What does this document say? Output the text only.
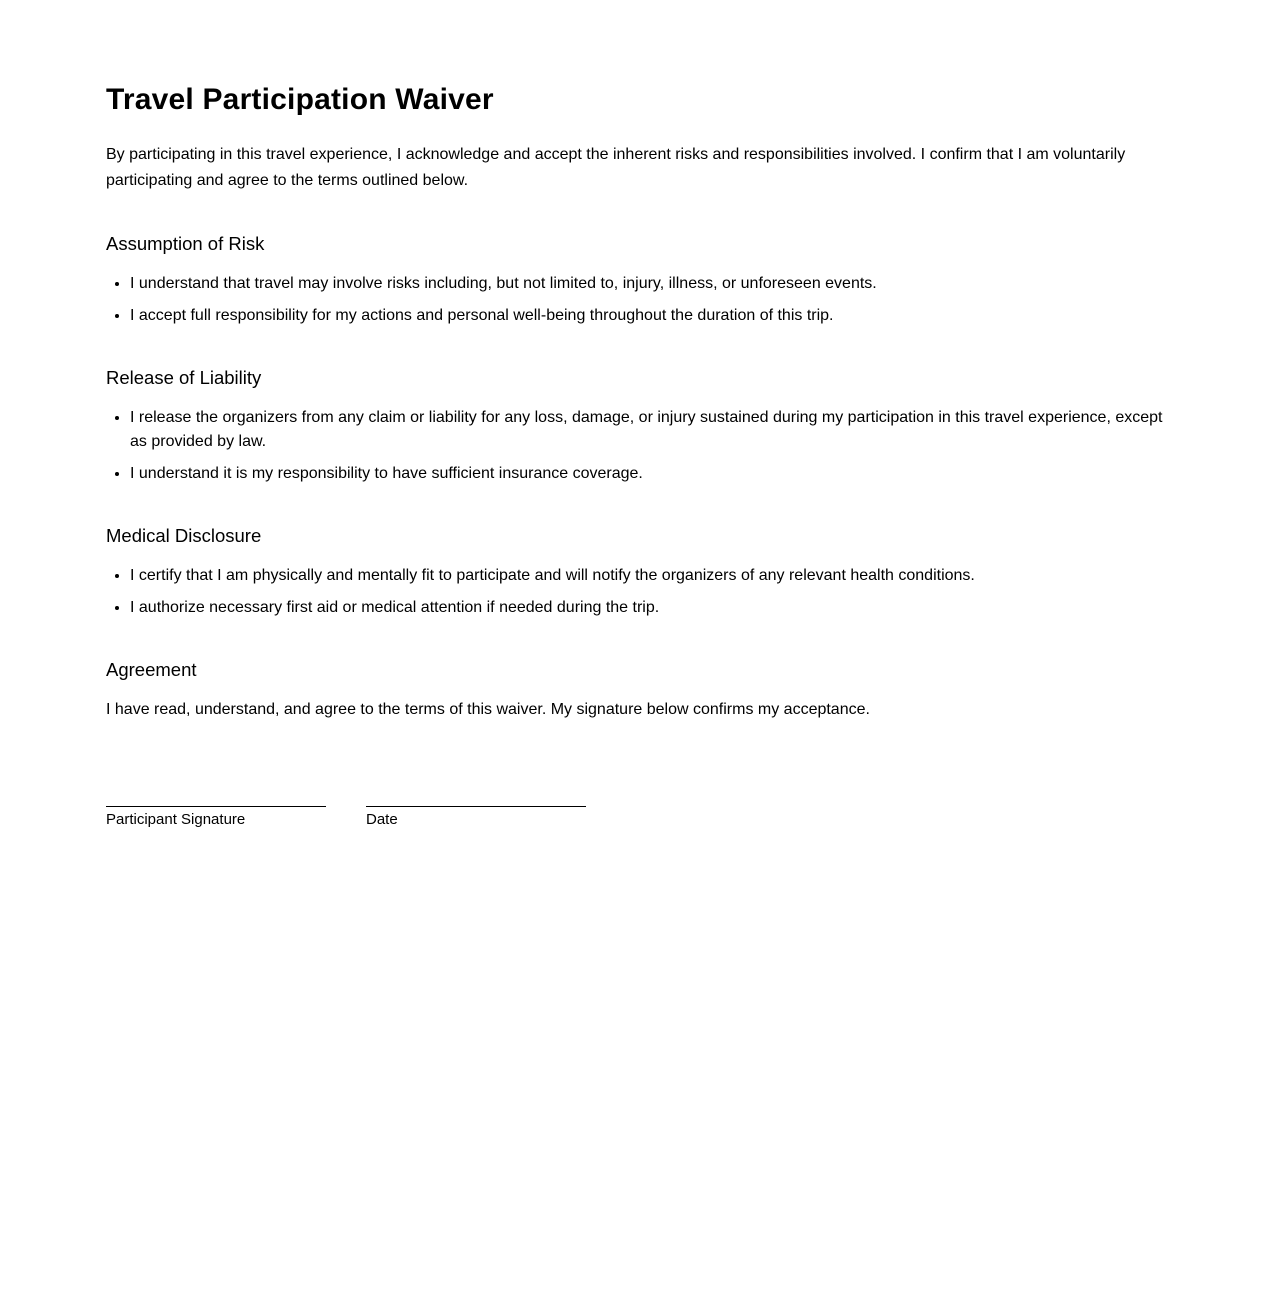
Travel Participation Waiver

By participating in this travel experience, I acknowledge and accept the inherent risks and responsibilities involved. I confirm that I am voluntarily participating and agree to the terms outlined below.

Assumption of Risk
• I understand that travel may involve risks including, but not limited to, injury, illness, or unforeseen events.
• I accept full responsibility for my actions and personal well-being throughout the duration of this trip.
Release of Liability
• I release the organizers from any claim or liability for any loss, damage, or injury sustained during my participation in this travel experience, except as provided by law.
• I understand it is my responsibility to have sufficient insurance coverage.
Medical Disclosure
• I certify that I am physically and mentally fit to participate and will notify the organizers of any relevant health conditions.
• I authorize necessary first aid or medical attention if needed during the trip.
Agreement

I have read, understand, and agree to the terms of this waiver. My signature below confirms my acceptance.

Participant Signature	Date
